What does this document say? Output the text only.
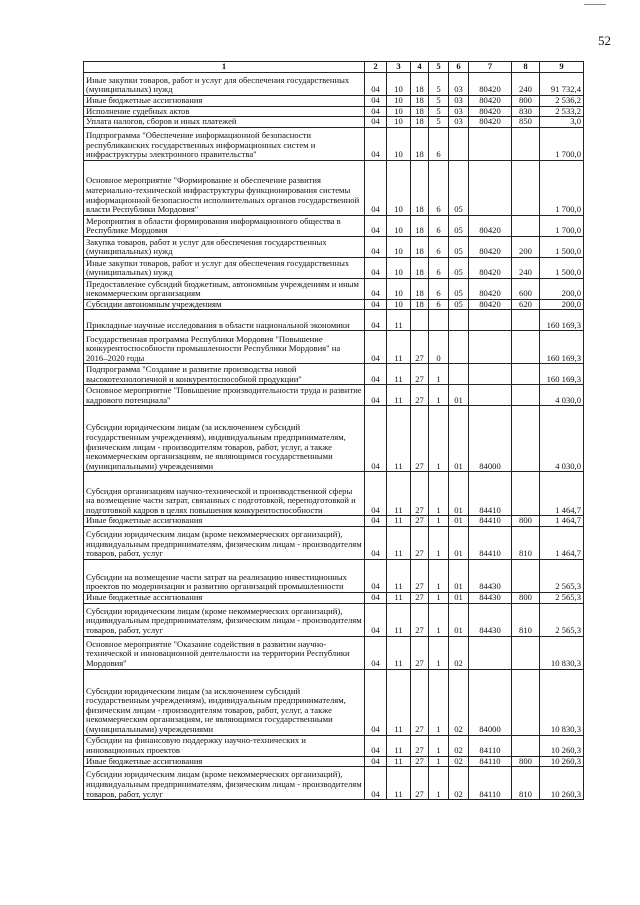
52
1	2	3	4	5	6	7	8	9
Иные закупки товаров, работ и услуг для обеспечения государственных (муниципальных) нужд	04	10	18	5	03	80420	240	91 732,4
Иные бюджетные ассигнования	04	10	18	5	03	80420	800	2 536,2
Исполнение судебных актов	04	10	18	5	03	80420	830	2 533,2
Уплата налогов, сборов и иных платежей	04	10	18	5	03	80420	850	3,0
Подпрограмма "Обеспечение информационной безопасности республиканских государственных информационных систем и инфраструктуры электронного правительства"	04	10	18	6				1 700,0
Основное мероприятие "Формирование и обеспечение развития материально-технической инфраструктуры функционирования системы информационной безопасности исполнительных органов государственной власти Республики Мордовия"	04	10	18	6	05			1 700,0
Мероприятия в области формирования информационного общества в Республике Мордовия	04	10	18	6	05	80420		1 700,0
Закупка товаров, работ и услуг для обеспечения государственных (муниципальных) нужд	04	10	18	6	05	80420	200	1 500,0
Иные закупки товаров, работ и услуг для обеспечения государственных (муниципальных) нужд	04	10	18	6	05	80420	240	1 500,0
Предоставление субсидий бюджетным, автономным учреждениям и иным некоммерческим организациям	04	10	18	6	05	80420	600	200,0
Субсидии автономным учреждениям	04	10	18	6	05	80420	620	200,0
Прикладные научные исследования в области национальной экономики	04	11						160 169,3
Государственная программа Республики Мордовия "Повышение конкурентоспособности промышленности Республики Мордовия" на 2016–2020 годы	04	11	27	0				160 169,3
Подпрограмма "Создание и развитие производства новой высокотехнологичной и конкурентоспособной продукции"	04	11	27	1				160 169,3
Основное мероприятие "Повышение производительности труда и развитие кадрового потенциала"	04	11	27	1	01			4 030,0
Субсидии юридическим лицам (за исключением субсидий государственным учреждениям), индивидуальным предпринимателям, физическим лицам - производителям товаров, работ, услуг, а также некоммерческим организациям, не являющимся государственными (муниципальными) учреждениями	04	11	27	1	01	84000		4 030,0
Субсидия организациям научно-технической и производственной сферы на возмещение части затрат, связанных с подготовкой, переподготовкой и подготовкой кадров в целях повышения конкурентоспособности	04	11	27	1	01	84410		1 464,7
Иные бюджетные ассигнования	04	11	27	1	01	84410	800	1 464,7
Субсидии юридическим лицам (кроме некоммерческих организаций), индивидуальным предпринимателям, физическим лицам - производителям товаров, работ, услуг	04	11	27	1	01	84410	810	1 464,7
Субсидии на возмещение части затрат на реализацию инвестиционных проектов по модернизации и развитию организаций промышленности	04	11	27	1	01	84430		2 565,3
Иные бюджетные ассигнования	04	11	27	1	01	84430	800	2 565,3
Субсидии юридическим лицам (кроме некоммерческих организаций), индивидуальным предпринимателям, физическим лицам - производителям товаров, работ, услуг	04	11	27	1	01	84430	810	2 565,3
Основное мероприятие "Оказание содействия в развитии научно-технической и инновационной деятельности на территории Республики Мордовия"	04	11	27	1	02			10 830,3
Субсидии юридическим лицам (за исключением субсидий государственным учреждениям), индивидуальным предпринимателям, физическим лицам - производителям товаров, работ, услуг, а также некоммерческим организациям, не являющимся государственными (муниципальными) учреждениями	04	11	27	1	02	84000		10 830,3
Субсидии на финансовую поддержку научно-технических и инновационных проектов	04	11	27	1	02	84110		10 260,3
Иные бюджетные ассигнования	04	11	27	1	02	84110	800	10 260,3
Субсидии юридическим лицам (кроме некоммерческих организаций), индивидуальным предпринимателям, физическим лицам - производителям товаров, работ, услуг	04	11	27	1	02	84110	810	10 260,3
